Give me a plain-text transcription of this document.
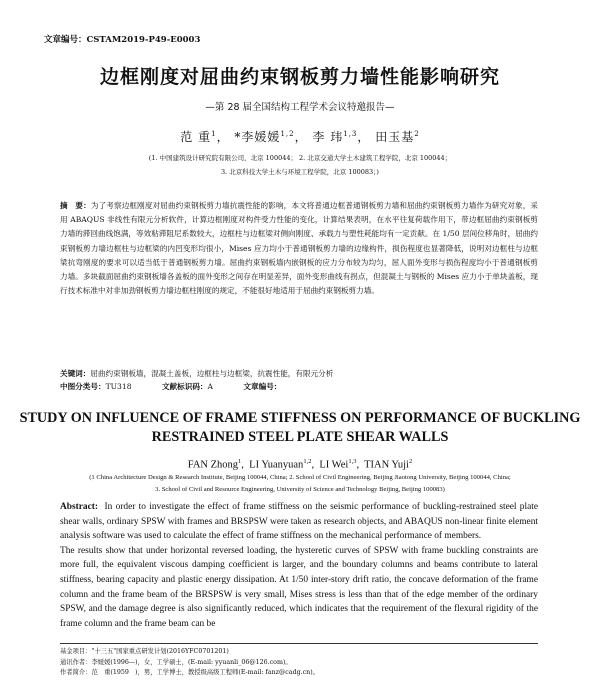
文章编号：CSTAM2019-P49-E0003
边框刚度对屈曲约束钢板剪力墙性能影响研究
—第 28 届全国结构工程学术会议特邀报告—
范 重$^1$， *李媛媛$^{1,2}$， 李 玮$^{1,3}$， 田玉基$^2$
(1. 中国建筑设计研究院有限公司，北京 100044； 2. 北京交通大学土木建筑工程学院，北京 100044；
3. 北京科技大学土木与环境工程学院，北京 100083；)
摘　要：为了考察边框刚度对屈曲约束钢板剪力墙抗震性能的影响，本文将普通边框普通钢板剪力墙和屈曲约束钢板剪力墙作为研究对象，采用 ABAQUS 非线性有限元分析软件，计算边框刚度对构件受力性能的变化，计算结果表明，在水平往复荷载作用下，带边框屈曲约束钢板剪力墙的滞回曲线饱满，等效粘滞阻尼系数较大，边框柱与边框梁对侧向刚度、承载力与塑性耗能均有一定贡献。在 1/50 层间位移角时，屈曲约束钢板剪力墙边框柱与边框梁的内凹变形均很小，Mises 应力均小于普通钢板剪力墙的边缘构件，损伤程度也显著降低，说明对边框柱与边框梁抗弯刚度的要求可以适当低于普通钢板剪力墙。屈曲约束钢板墙内嵌钢板的应力分布较为均匀，屈人面外变形与损伤程度均小于普通钢板剪力墙。多块截面屈曲约束钢板墙各盖板的面外变形之间存在明显差异，面外变形曲线有拐点，但混凝土与钢板的 Mises 应力小于单块盖板，现行技术标准中对非加劲钢板剪力墙边框柱刚度的规定，不能很好地适用于屈曲约束钢板剪力墙。
关键词：屈曲约束钢板墙，混凝土盖板，边框柱与边框梁，抗震性能，有限元分析
中图分类号：TU318	文献标识码：A	文章编号：
STUDY ON INFLUENCE OF FRAME STIFFNESS ON PERFORMANCE OF BUCKLING RESTRAINED STEEL PLATE SHEAR WALLS
FAN Zhong$^1$,  LI Yuanyuan$^{1,2}$,  LI Wei$^{1,3}$,  TIAN Yuji$^2$
(1 China Architecture Design & Research Institute, Beijing 100044, China; 2. School of Civil Engineering, Beijing Jiaotong University, Beijing 100044, China;
3. School of Civil and Resource Engineering, University of Science and Technology Beijing, Beijing 100083)

Abstract: In order to investigate the effect of frame stiffness on the seismic performance of buckling-restrained steel plate shear walls, ordinary SPSW with frames and BRSPSW were taken as research objects, and ABAQUS non-linear finite element analysis software was used to calculate the effect of frame stiffness on the mechanical performance of members.

The results show that under horizontal reversed loading, the hysteretic curves of SPSW with frame buckling constraints are more full, the equivalent viscous damping coefficient is larger, and the boundary columns and beams contribute to lateral stiffness, bearing capacity and plastic energy dissipation. At 1/50 inter-story drift ratio, the concave deformation of the frame column and the frame beam of the BRSPSW is very small, Mises stress is less than that of the edge member of the ordinary SPSW, and the damage degree is also significantly reduced, which indicates that the requirement of the flexural rigidity of the frame column and the frame beam can be

基金项目："十三五"国家重点研发计划(2016YFC0701201)
通讯作者：李媛媛(1996—)，女，工学硕士，(E-mail: yyuanli_06@126.com)。
作者简介：范　重(1959　)，男，工学博士，教授级高级工程师(E-mail: fanz@cadg.cn)。
